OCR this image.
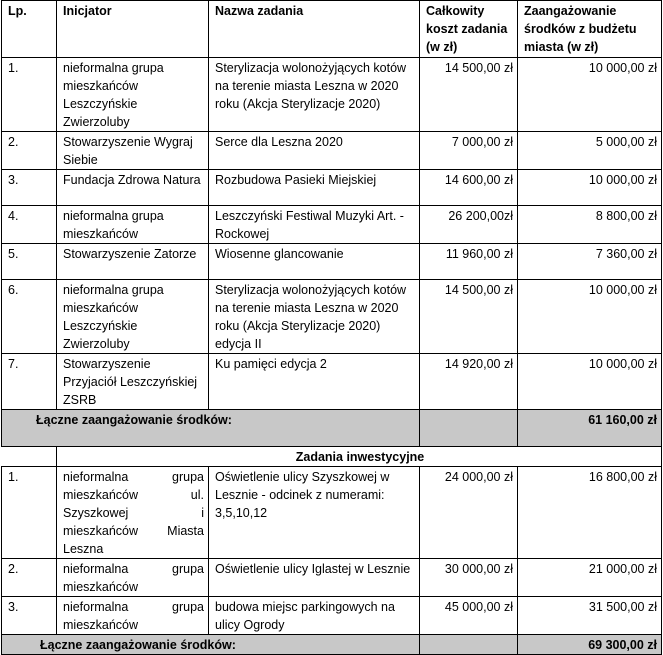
Lp.	Inicjator	Nazwa zadania	Całkowity koszt zadania (w zł)	Zaangażowanie środków z budżetu miasta (w zł)
1.	nieformalna grupa mieszkańców Leszczyńskie Zwierzoluby	Sterylizacja wolonożyjących kotów na terenie miasta Leszna w 2020 roku (Akcja Sterylizacje 2020)	14 500,00 zł	10 000,00 zł
2.	Stowarzyszenie Wygraj Siebie	Serce dla Leszna 2020	7 000,00 zł	5 000,00 zł
3.	Fundacja Zdrowa Natura	Rozbudowa Pasieki Miejskiej	14 600,00 zł	10 000,00 zł
4.	nieformalna grupa mieszkańców	Leszczyński Festiwal Muzyki Art. - Rockowej	26 200,00zł	8 800,00 zł
5.	Stowarzyszenie Zatorze	Wiosenne glancowanie	11 960,00 zł	7 360,00 zł
6.	nieformalna grupa mieszkańców Leszczyńskie Zwierzoluby	Sterylizacja wolonożyjących kotów na terenie miasta Leszna w 2020 roku (Akcja Sterylizacje 2020) edycja II	14 500,00 zł	10 000,00 zł
7.	Stowarzyszenie Przyjaciół Leszczyńskiej ZSRB	Ku pamięci edycja 2	14 920,00 zł	10 000,00 zł
Łączne zaangażowanie środków:				61 160,00 zł
	Zadania inwestycyjne			
1.	nieformalna grupa mieszkańców ul. Szyszkowej i mieszkańców Miasta Leszna	Oświetlenie ulicy Szyszkowej w Lesznie - odcinek z numerami: 3,5,10,12	24 000,00 zł	16 800,00 zł
2.	nieformalna grupa mieszkańców	Oświetlenie ulicy Iglastej w Lesznie	30 000,00 zł	21 000,00 zł
3.	nieformalna grupa mieszkańców	budowa miejsc parkingowych na ulicy Ogrody	45 000,00 zł	31 500,00 zł
Łączne zaangażowanie środków:				69 300,00 zł
